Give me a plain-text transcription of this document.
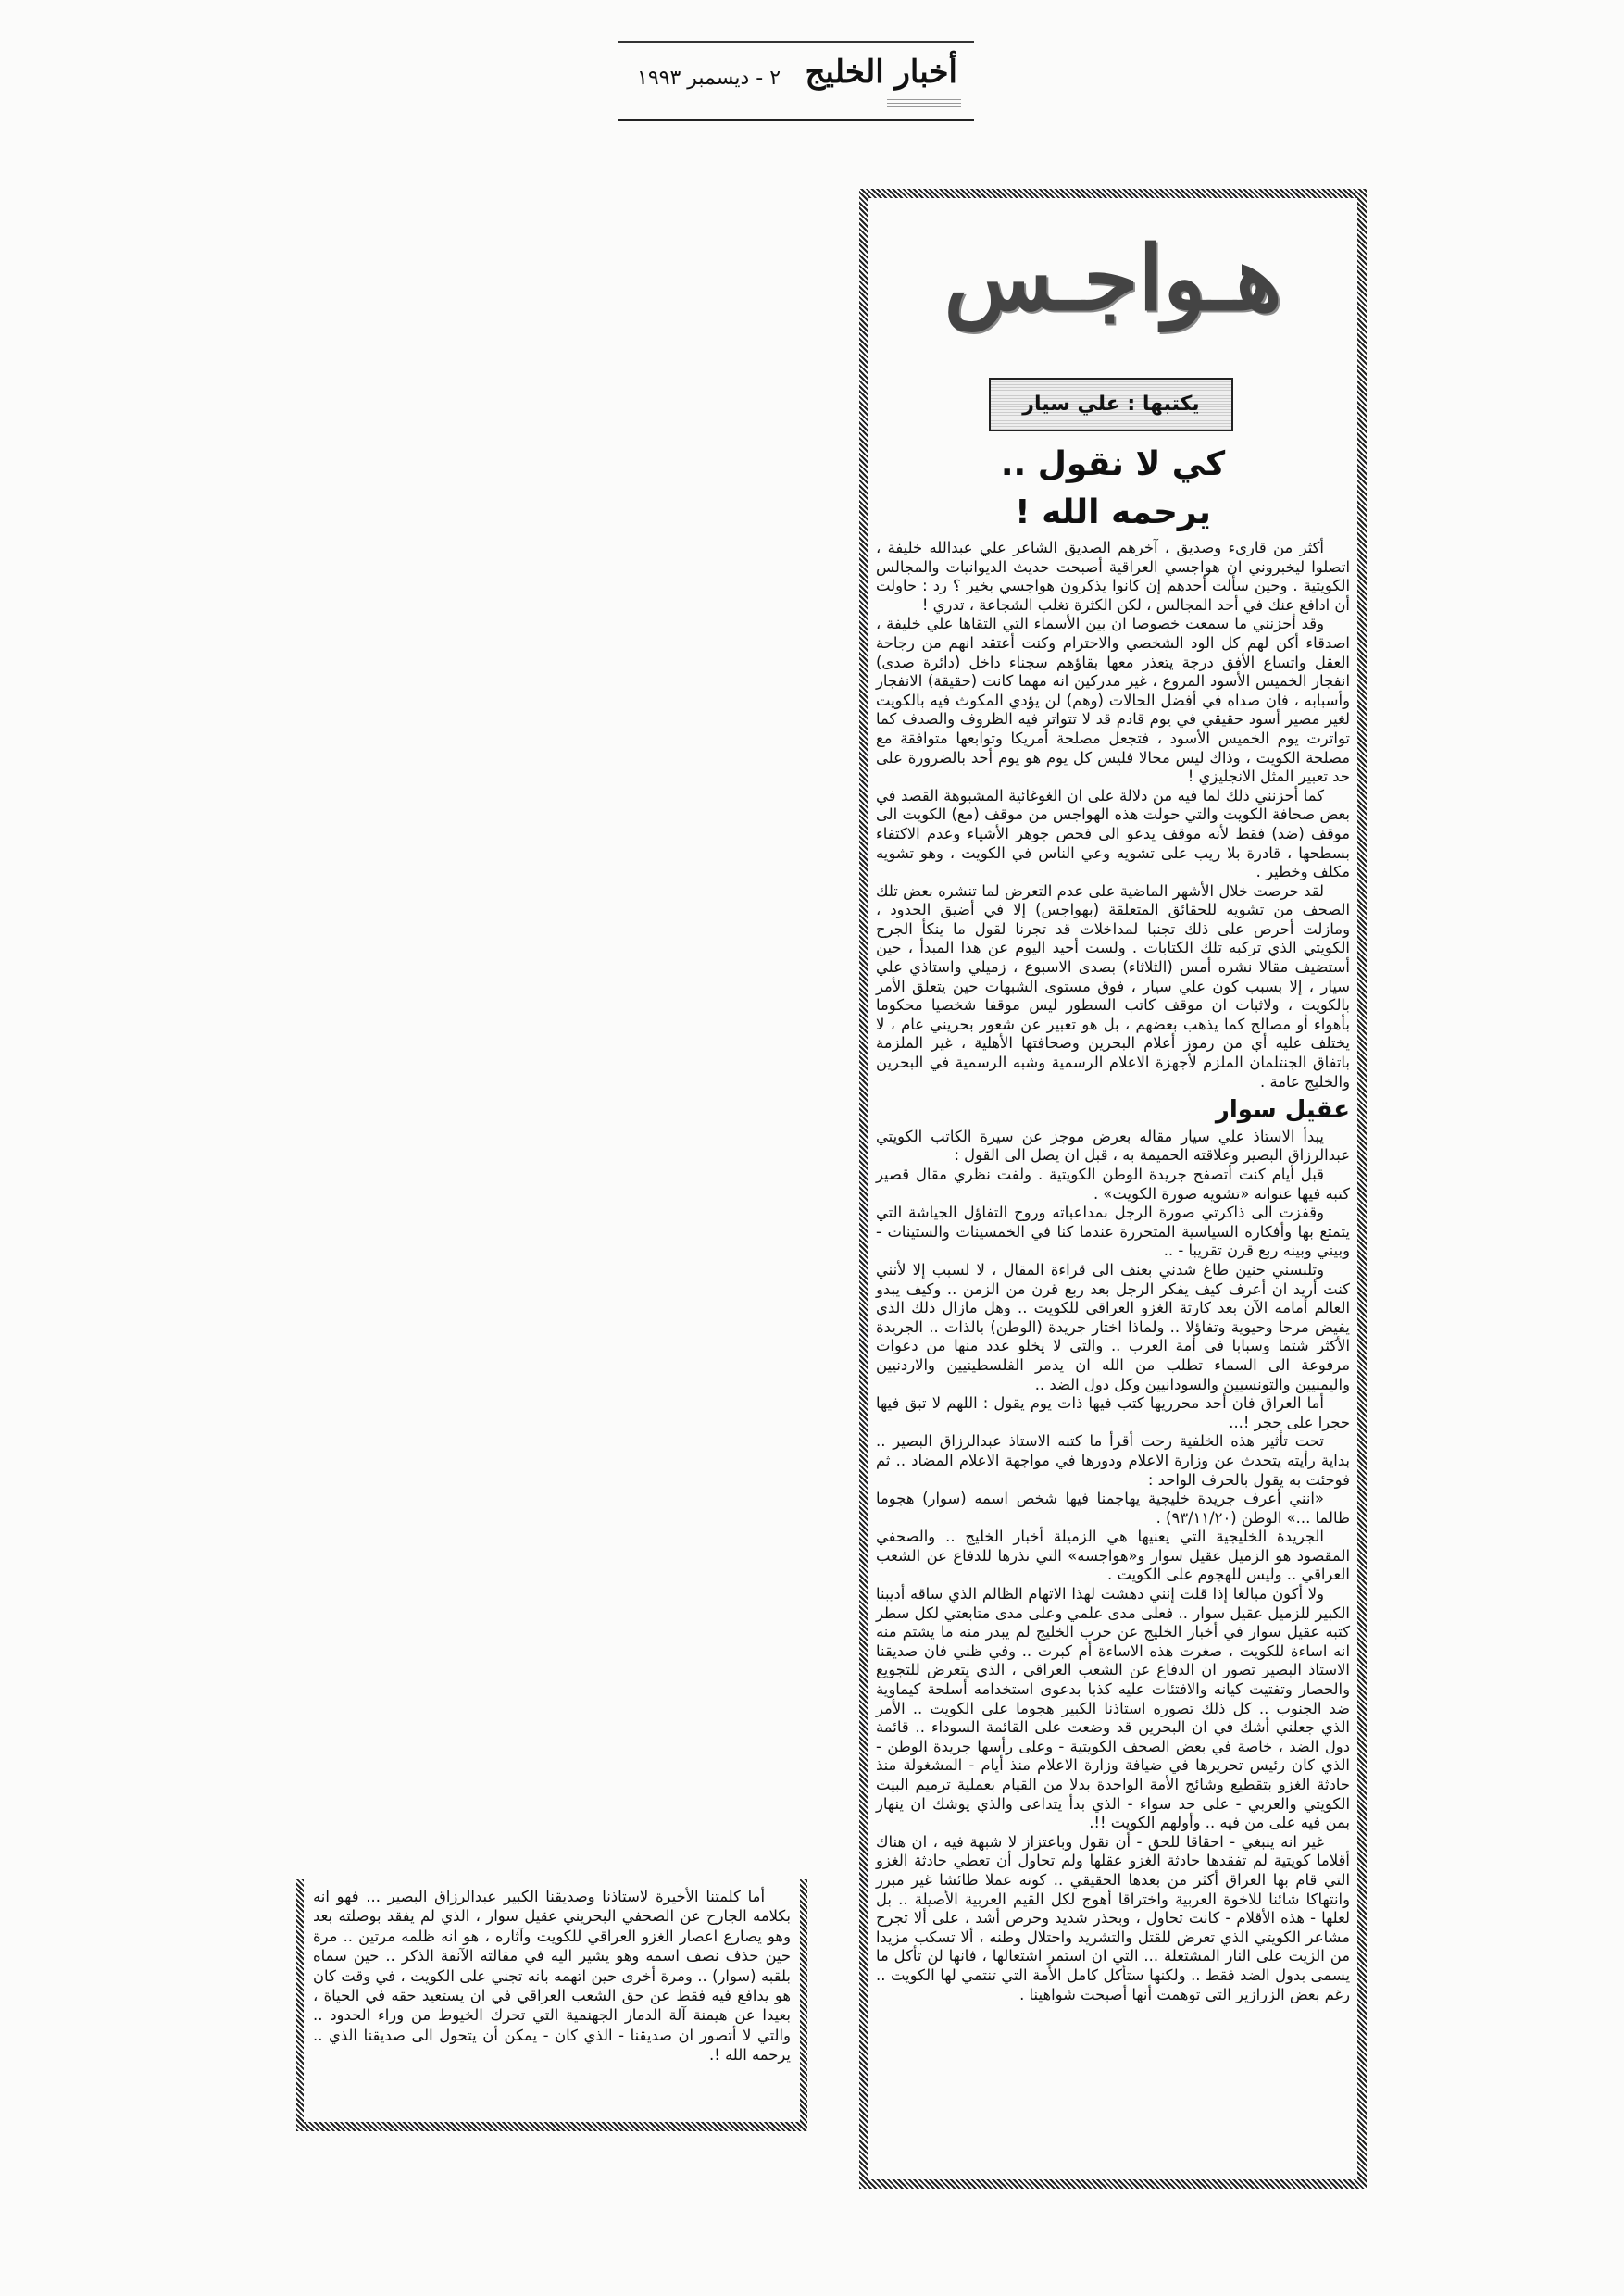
أخبار الخليج
٢ - ديسمبر ١٩٩٣
هـواجـس
يكتبها : علي سيار
كي لا نقول ..
يرحمه الله !

أكثر من قارىء وصديق ، آخرهم الصديق الشاعر علي عبدالله خليفة ، اتصلوا ليخبروني ان هواجسي العراقية أصبحت حديث الديوانيات والمجالس الكويتية . وحين سألت أحدهم إن كانوا يذكرون هواجسي بخير ؟ رد : حاولت أن ادافع عنك في أحد المجالس ، لكن الكثرة تغلب الشجاعة ، تدري !

وقد أحزنني ما سمعت خصوصا ان بين الأسماء التي التقاها علي خليفة ، اصدقاء أكن لهم كل الود الشخصي والاحترام وكنت أعتقد انهم من رجاحة العقل واتساع الأفق درجة يتعذر معها بقاؤهم سجناء داخل (دائرة صدى) انفجار الخميس الأسود المروع ، غير مدركين انه مهما كانت (حقيقة) الانفجار وأسبابه ، فان صداه في أفضل الحالات (وهم) لن يؤدي المكوث فيه بالكويت لغير مصير أسود حقيقي في يوم قادم قد لا تتواتر فيه الظروف والصدف كما تواترت يوم الخميس الأسود ، فتجعل مصلحة أمريكا وتوابعها متوافقة مع مصلحة الكويت ، وذاك ليس محالا فليس كل يوم هو يوم أحد بالضرورة على حد تعبير المثل الانجليزي !

كما أحزنني ذلك لما فيه من دلالة على ان الغوغائية المشبوهة القصد في بعض صحافة الكويت والتي حولت هذه الهواجس من موقف (مع) الكويت الى موقف (ضد) فقط لأنه موقف يدعو الى فحص جوهر الأشياء وعدم الاكتفاء بسطحها ، قادرة بلا ريب على تشويه وعي الناس في الكويت ، وهو تشويه مكلف وخطير .

لقد حرصت خلال الأشهر الماضية على عدم التعرض لما تنشره بعض تلك الصحف من تشويه للحقائق المتعلقة (بهواجس) إلا في أضيق الحدود ، ومازلت أحرص على ذلك تجنبا لمداخلات قد تجرنا لقول ما ينكأ الجرح الكويتي الذي تركبه تلك الكتابات . ولست أحيد اليوم عن هذا المبدأ ، حين أستضيف مقالا نشره أمس (الثلاثاء) بصدى الاسبوع ، زميلي واستاذي علي سيار ، إلا بسبب كون علي سيار ، فوق مستوى الشبهات حين يتعلق الأمر بالكويت ، ولاثبات ان موقف كاتب السطور ليس موقفا شخصيا محكوما بأهواء أو مصالح كما يذهب بعضهم ، بل هو تعبير عن شعور بحريني عام ، لا يختلف عليه أي من رموز أعلام البحرين وصحافتها الأهلية ، غير الملزمة باتفاق الجنتلمان الملزم لأجهزة الاعلام الرسمية وشبه الرسمية في البحرين والخليج عامة .

عقيل سوار

يبدأ الاستاذ علي سيار مقاله بعرض موجز عن سيرة الكاتب الكويتي عبدالرزاق البصير وعلاقته الحميمة به ، قبل ان يصل الى القول :

قبل أيام كنت أتصفح جريدة الوطن الكويتية . ولفت نظري مقال قصير كتبه فيها عنوانه «تشويه صورة الكويت» .

وقفزت الى ذاكرتي صورة الرجل بمداعباته وروح التفاؤل الجياشة التي يتمتع بها وأفكاره السياسية المتحررة عندما كنا في الخمسينات والستينات - وبيني وبينه ربع قرن تقريبا - ..

وتلبسني حنين طاغ شدني بعنف الى قراءة المقال ، لا لسبب إلا لأنني كنت أريد ان أعرف كيف يفكر الرجل بعد ربع قرن من الزمن .. وكيف يبدو العالم أمامه الآن بعد كارثة الغزو العراقي للكويت .. وهل مازال ذلك الذي يفيض مرحا وحيوية وتفاؤلا .. ولماذا اختار جريدة (الوطن) بالذات .. الجريدة الأكثر شتما وسبابا في أمة العرب .. والتي لا يخلو عدد منها من دعوات مرفوعة الى السماء تطلب من الله ان يدمر الفلسطينيين والاردنيين واليمنيين والتونسيين والسودانيين وكل دول الضد ..

أما العراق فان أحد محرريها كتب فيها ذات يوم يقول : اللهم لا تبق فيها حجرا على حجر !...

تحت تأثير هذه الخلفية رحت أقرأ ما كتبه الاستاذ عبدالرزاق البصير .. بداية رأيته يتحدث عن وزارة الاعلام ودورها في مواجهة الاعلام المضاد .. ثم فوجئت به يقول بالحرف الواحد :

«انني أعرف جريدة خليجية يهاجمنا فيها شخص اسمه (سوار) هجوما ظالما ...» الوطن (٩٣/١١/٢٠) .

الجريدة الخليجية التي يعنيها هي الزميلة أخبار الخليج .. والصحفي المقصود هو الزميل عقيل سوار و«هواجسه» التي نذرها للدفاع عن الشعب العراقي .. وليس للهجوم على الكويت .

ولا أكون مبالغا إذا قلت إنني دهشت لهذا الاتهام الظالم الذي ساقه أديبنا الكبير للزميل عقيل سوار .. فعلى مدى علمي وعلى مدى متابعتي لكل سطر كتبه عقيل سوار في أخبار الخليج عن حرب الخليج لم يبدر منه ما يشتم منه انه اساءة للكويت ، صغرت هذه الاساءة أم كبرت .. وفي ظني فان صديقنا الاستاذ البصير تصور ان الدفاع عن الشعب العراقي ، الذي يتعرض للتجويع والحصار وتفتيت كيانه والافتئات عليه كذبا بدعوى استخدامه أسلحة كيماوية ضد الجنوب .. كل ذلك تصوره استاذنا الكبير هجوما على الكويت .. الأمر الذي جعلني أشك في ان البحرين قد وضعت على القائمة السوداء .. قائمة دول الضد ، خاصة في بعض الصحف الكويتية - وعلى رأسها جريدة الوطن - الذي كان رئيس تحريرها في ضيافة وزارة الاعلام منذ أيام - المشغولة منذ حادثة الغزو بتقطيع وشائج الأمة الواحدة بدلا من القيام بعملية ترميم البيت الكويتي والعربي - على حد سواء - الذي بدأ يتداعى والذي يوشك ان ينهار بمن فيه على من فيه .. وأولهم الكويت !!.

غير انه ينبغي - احقاقا للحق - أن نقول وباعتزاز لا شبهة فيه ، ان هناك أقلاما كويتية لم تفقدها حادثة الغزو عقلها ولم تحاول أن تعطي حادثة الغزو التي قام بها العراق أكثر من بعدها الحقيقي .. كونه عملا طائشا غير مبرر وانتهاكا شائنا للاخوة العربية واختراقا أهوج لكل القيم العربية الأصيلة .. بل لعلها - هذه الأقلام - كانت تحاول ، وبحذر شديد وحرص أشد ، على ألا تجرح مشاعر الكويتي الذي تعرض للقتل والتشريد واحتلال وطنه ، ألا تسكب مزيدا من الزيت على النار المشتعلة ... التي ان استمر اشتعالها ، فانها لن تأكل ما يسمى بدول الضد فقط .. ولكنها ستأكل كامل الأمة التي تنتمي لها الكويت .. رغم بعض الزرازير التي توهمت أنها أصبحت شواهينا .

أما كلمتنا الأخيرة لاستاذنا وصديقنا الكبير عبدالرزاق البصير ... فهو انه بكلامه الجارح عن الصحفي البحريني عقيل سوار ، الذي لم يفقد بوصلته بعد وهو يصارع اعصار الغزو العراقي للكويت وآثاره ، هو انه ظلمه مرتين .. مرة حين حذف نصف اسمه وهو يشير اليه في مقالته الآنفة الذكر .. حين سماه بلقبه (سوار) .. ومرة أخرى حين اتهمه بانه تجني على الكويت ، في وقت كان هو يدافع فيه فقط عن حق الشعب العراقي في ان يستعيد حقه في الحياة ، بعيدا عن هيمنة آلة الدمار الجهنمية التي تحرك الخيوط من وراء الحدود .. والتي لا أتصور ان صديقنا - الذي كان - يمكن أن يتحول الى صديقنا الذي .. يرحمه الله !.
